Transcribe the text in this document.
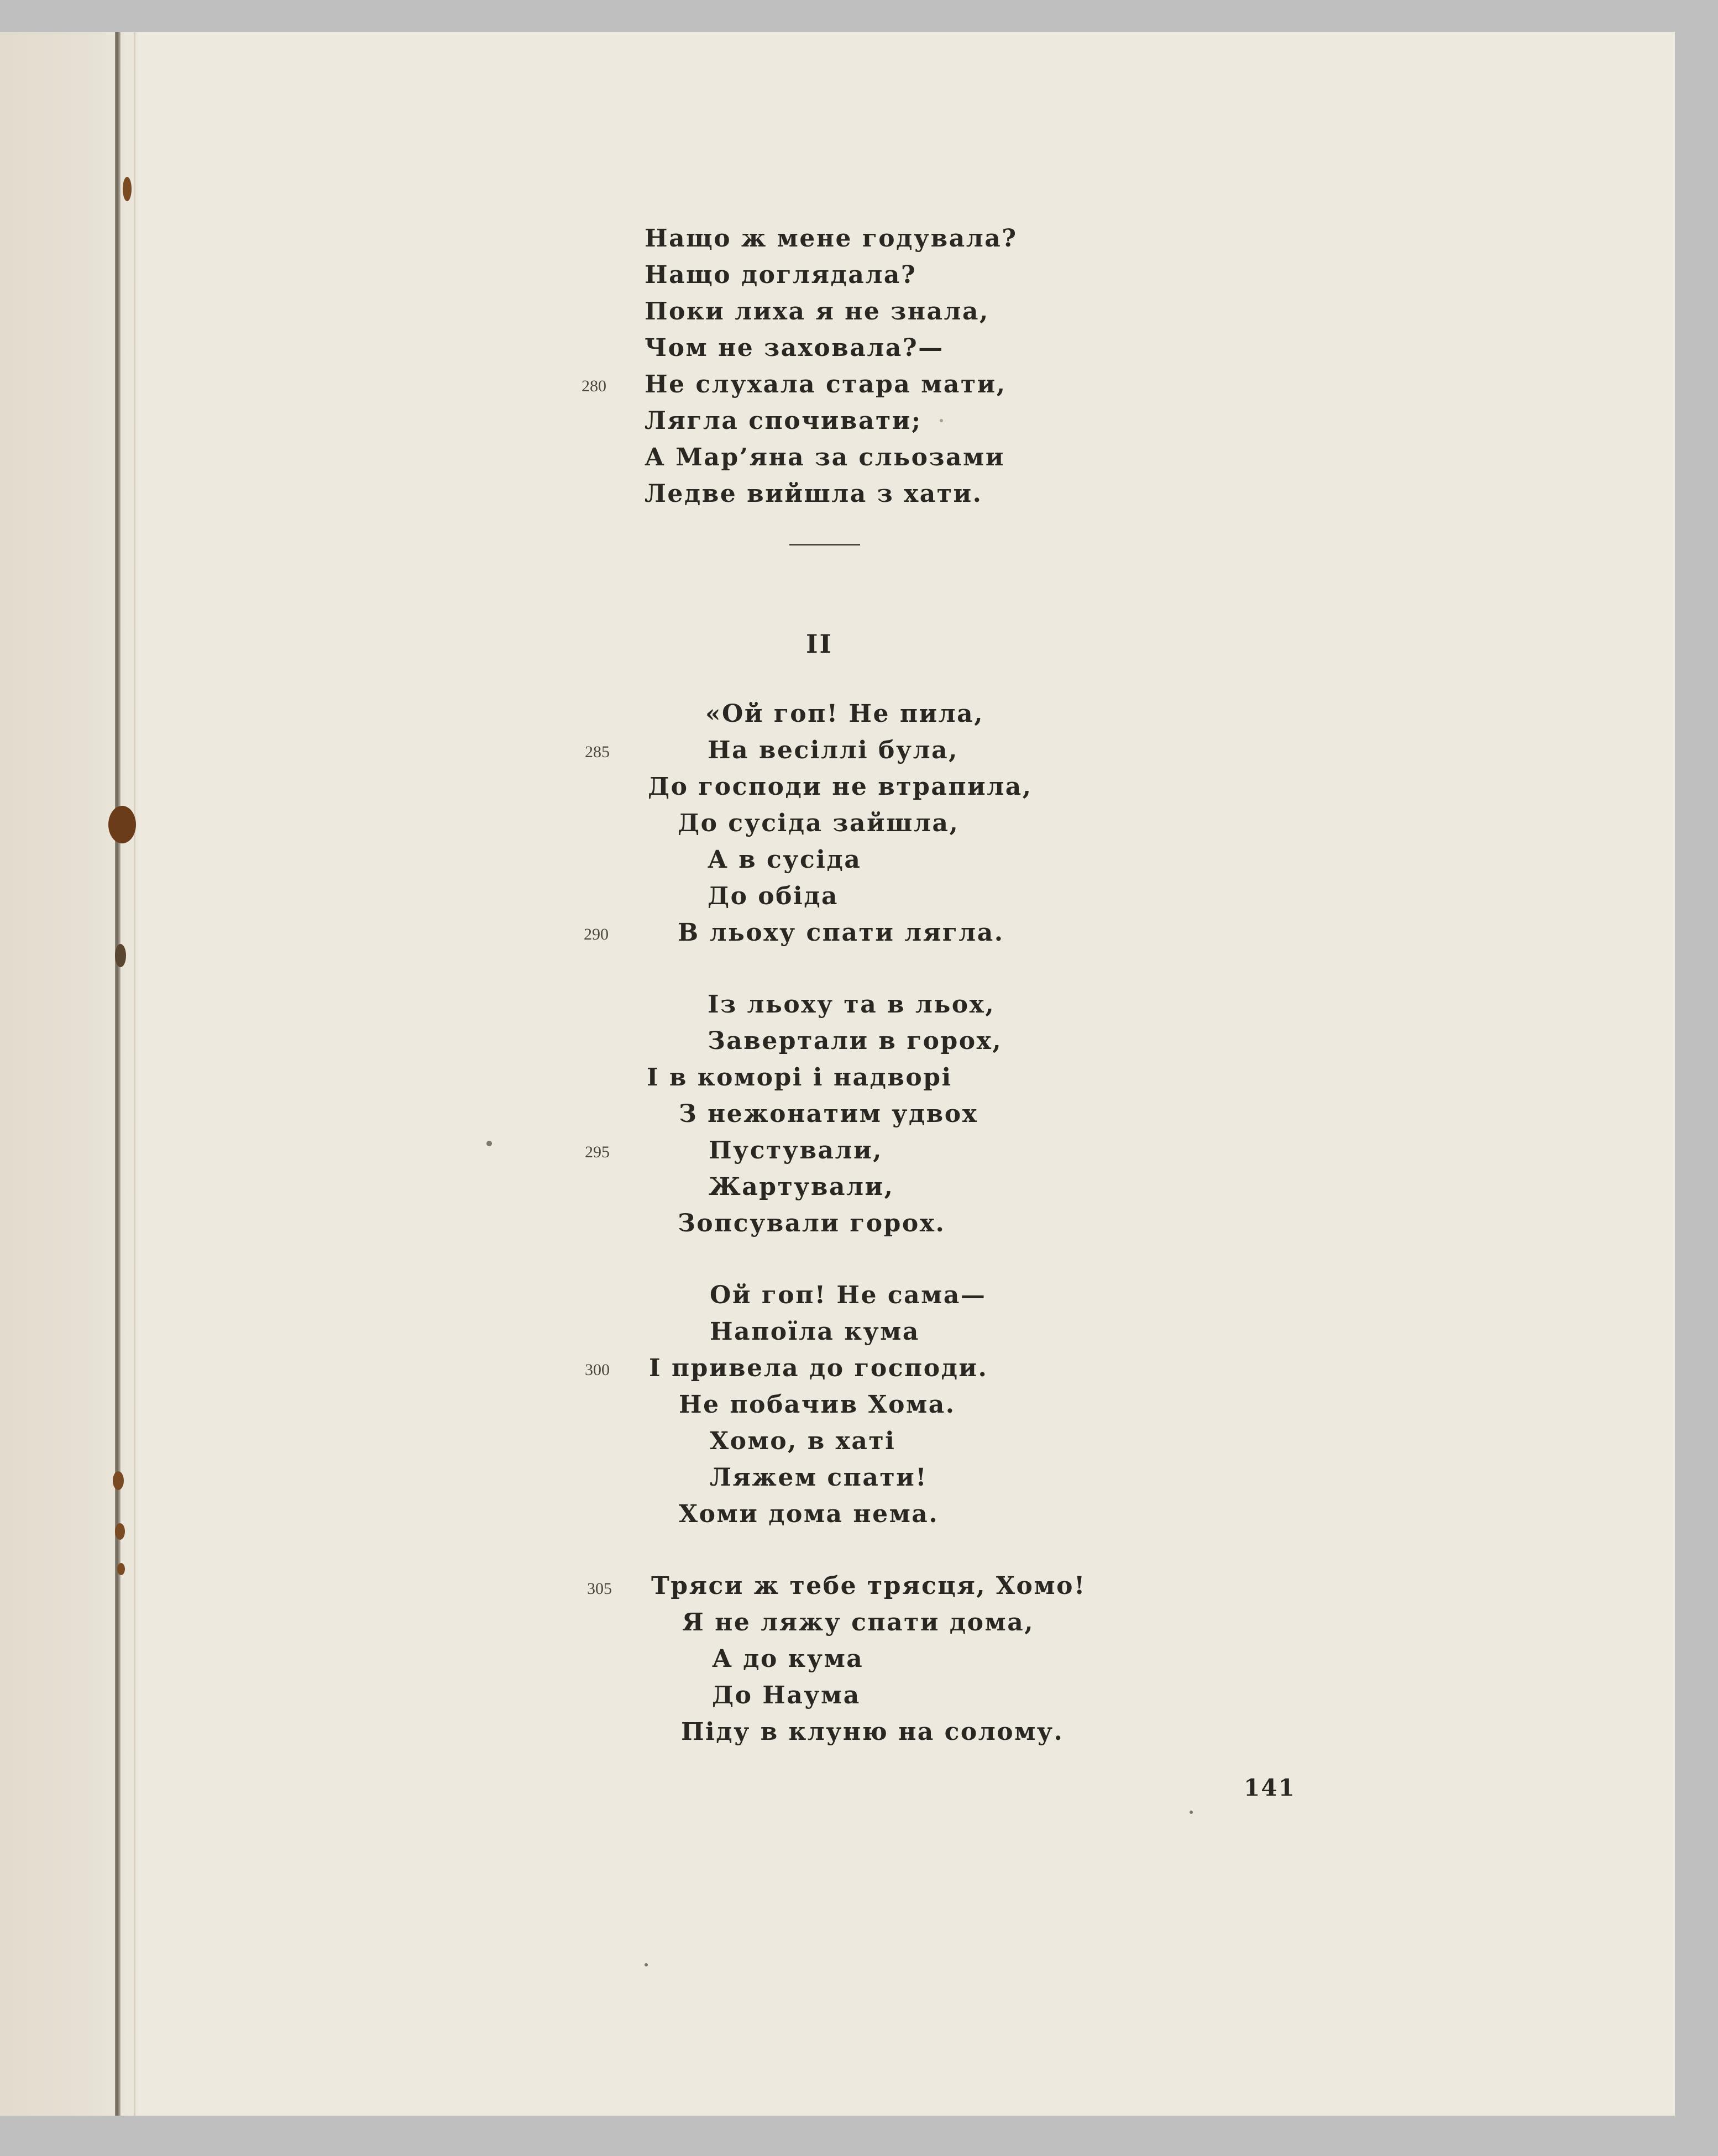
Нащо ж мене годувала?
Нащо доглядала?
Поки лиха я не знала,
Чом не заховала?—
280 Не слухала стара мати,
Лягла спочивати;
А Мар’яна за сльозами
Ледве вийшла з хати.
II
«Ой гоп! Не пила,
285	На весіллі була,
До господи не втрапила,
До сусіда зайшла,
А в сусіда
До обіда
290	В льоху спати лягла.
Із льоху та в льох,
Завертали в горох,
І в коморі і надворі
З нежонатим удвох
295	Пустували,
Жартували,
Зопсували горох.
Ой гоп! Не сама—
Напоїла кума
300 І привела до господи.
Не побачив Хома.
Хомо, в хаті
Ляжем спати!
Хоми дома нема.
305 Тряси ж тебе трясця, Хомо!
Я не ляжу спати дома,
А до кума
До Наума
Піду в клуню на солому.
141
